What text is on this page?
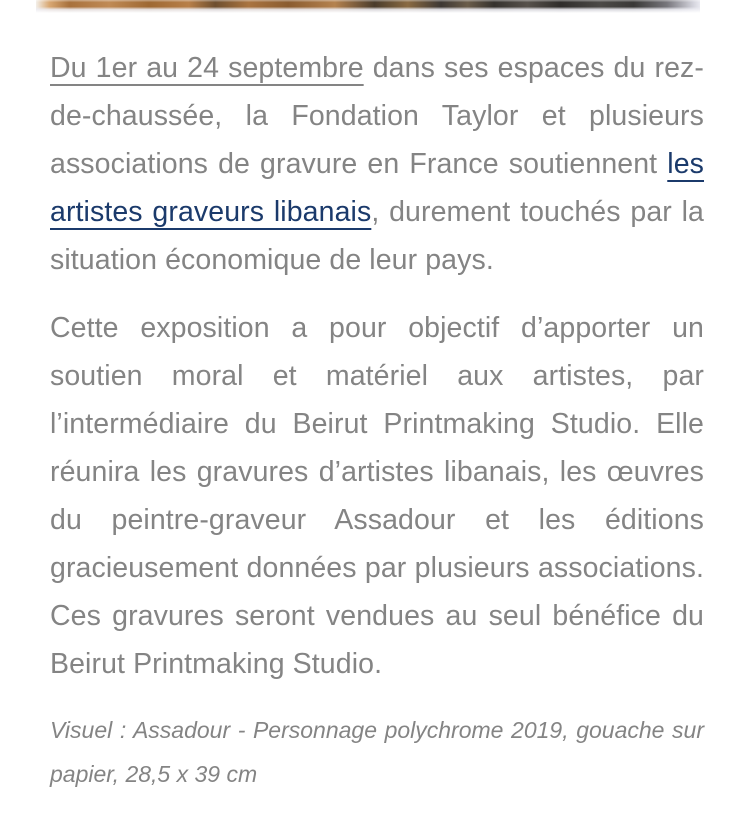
Du 1er au 24 septembre dans ses espaces du rez-de-chaussée, la Fondation Taylor et plusieurs associations de gravure en France soutiennent les artistes graveurs libanais, durement touchés par la situation économique de leur pays.

Cette exposition a pour objectif d’apporter un soutien moral et matériel aux artistes, par l’intermédiaire du Beirut Printmaking Studio. Elle réunira les gravures d’artistes libanais, les œuvres du peintre-graveur Assadour et les éditions gracieusement données par plusieurs associations. Ces gravures seront vendues au seul bénéfice du Beirut Printmaking Studio.

Visuel : Assadour - Personnage polychrome 2019, gouache sur papier, 28,5 x 39 cm
